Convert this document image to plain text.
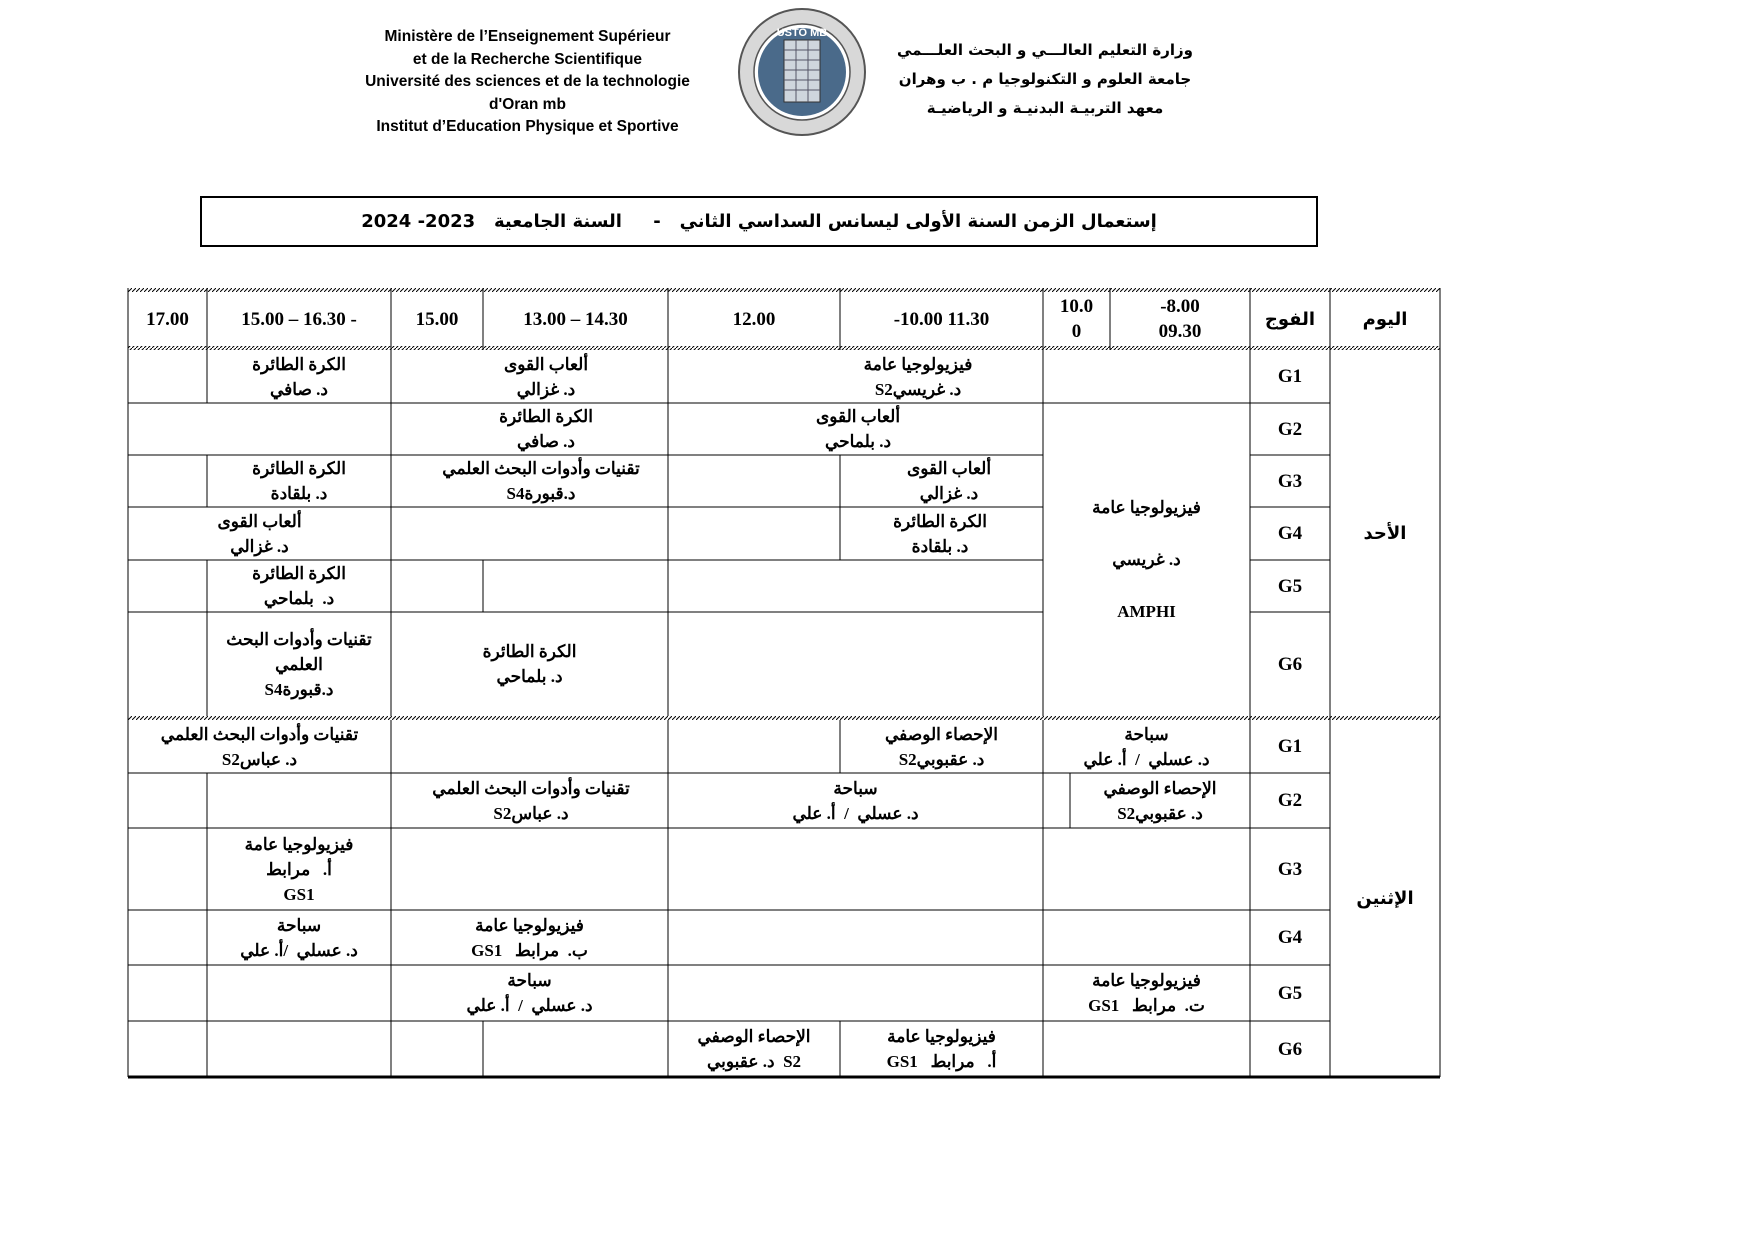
Ministère de l’Enseignement Supérieur
et de la Recherche Scientifique
Université des sciences et de la technologie
d'Oran mb
Institut d’Education Physique et Sportive
USTO MB
وزارة التعليم العالـــي و البحث العلـــمي
جامعة العلوم و التكنولوجيا م . ب وهران
معهد التربيـة البدنيـة و الرياضيـة
إستعمال الزمن السنة الأولى ليسانس السداسي الثاني   -     السنة الجامعية   2023- 2024
اليوم
الفوج
8.00-
09.30
10.0
0
-10.00 11.30
12.00
13.00 – 14.30
15.00
15.00 – 16.30 -
17.00
الأحد
الإثنين
G1
G2
G3
G4
G5
G6
G1
G2
G3
G4
G5
G6
فيزيولوجيا عامة
د. غريسي
AMPHI
فيزيولوجيا عامة
د. غريسيS2
ألعاب القوى
د. غزالي
الكرة الطائرة
د. صافي
ألعاب القوى
د. بلماحي
الكرة الطائرة
د. صافي
ألعاب القوى
د. غزالي
تقنيات وأدوات البحث العلمي
د.قبورةS4
الكرة الطائرة
د. بلقادة
الكرة الطائرة
د. بلقادة
ألعاب القوى
د. غزالي
الكرة الطائرة
د.  بلماحي
الكرة الطائرة
د. بلماحي
تقنيات وأدوات البحث
العلمي
د.قبورةS4
سباحة
د. عسلي  /  أ. علي
الإحصاء الوصفي
د. عقبوبيS2
تقنيات وأدوات البحث العلمي
د. عباسS2
الإحصاء الوصفي
د. عقبوبيS2
سباحة
د. عسلي  /  أ. علي
تقنيات وأدوات البحث العلمي
د. عباسS2
فيزيولوجيا عامة
أ.   مرابط
GS1
فيزيولوجيا عامة
ب.  مرابط   GS1
سباحة
د. عسلي  /أ. علي
فيزيولوجيا عامة
ت.  مرابط   GS1
سباحة
د. عسلي  /  أ. علي
فيزيولوجيا عامة
أ.   مرابط   GS1
الإحصاء الوصفي
S2  د. عقبوبي
